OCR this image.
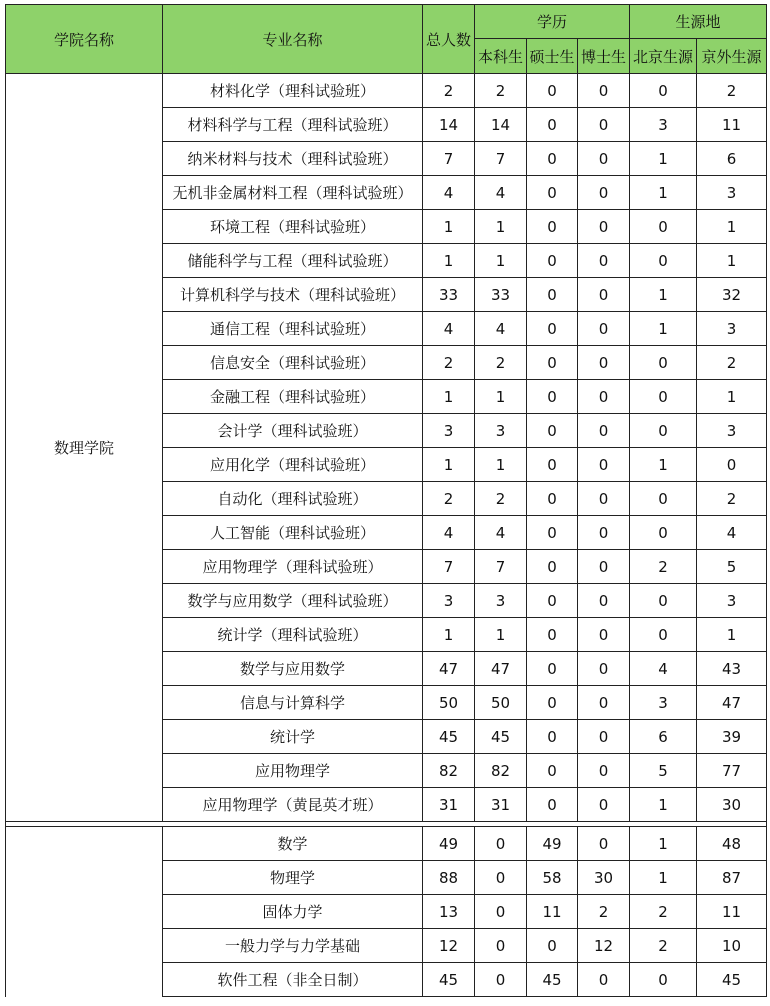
学院名称	专业名称	总人数	学历			生源地	
			本科生	硕士生	博士生	北京生源	京外生源
数理学院	材料化学（理科试验班）	2	2	0	0	0	2
	材料科学与工程（理科试验班）	14	14	0	0	3	11
	纳米材料与技术（理科试验班）	7	7	0	0	1	6
	无机非金属材料工程（理科试验班）	4	4	0	0	1	3
	环境工程（理科试验班）	1	1	0	0	0	1
	储能科学与工程（理科试验班）	1	1	0	0	0	1
	计算机科学与技术（理科试验班）	33	33	0	0	1	32
	通信工程（理科试验班）	4	4	0	0	1	3
	信息安全（理科试验班）	2	2	0	0	0	2
	金融工程（理科试验班）	1	1	0	0	0	1
	会计学（理科试验班）	3	3	0	0	0	3
	应用化学（理科试验班）	1	1	0	0	1	0
	自动化（理科试验班）	2	2	0	0	0	2
	人工智能（理科试验班）	4	4	0	0	0	4
	应用物理学（理科试验班）	7	7	0	0	2	5
	数学与应用数学（理科试验班）	3	3	0	0	0	3
	统计学（理科试验班）	1	1	0	0	0	1
	数学与应用数学	47	47	0	0	4	43
	信息与计算科学	50	50	0	0	3	47
	统计学	45	45	0	0	6	39
	应用物理学	82	82	0	0	5	77
	应用物理学（黄昆英才班）	31	31	0	0	1	30

	数学	49	0	49	0	1	48
	物理学	88	0	58	30	1	87
	固体力学	13	0	11	2	2	11
	一般力学与力学基础	12	0	0	12	2	10
	软件工程（非全日制）	45	0	45	0	0	45
